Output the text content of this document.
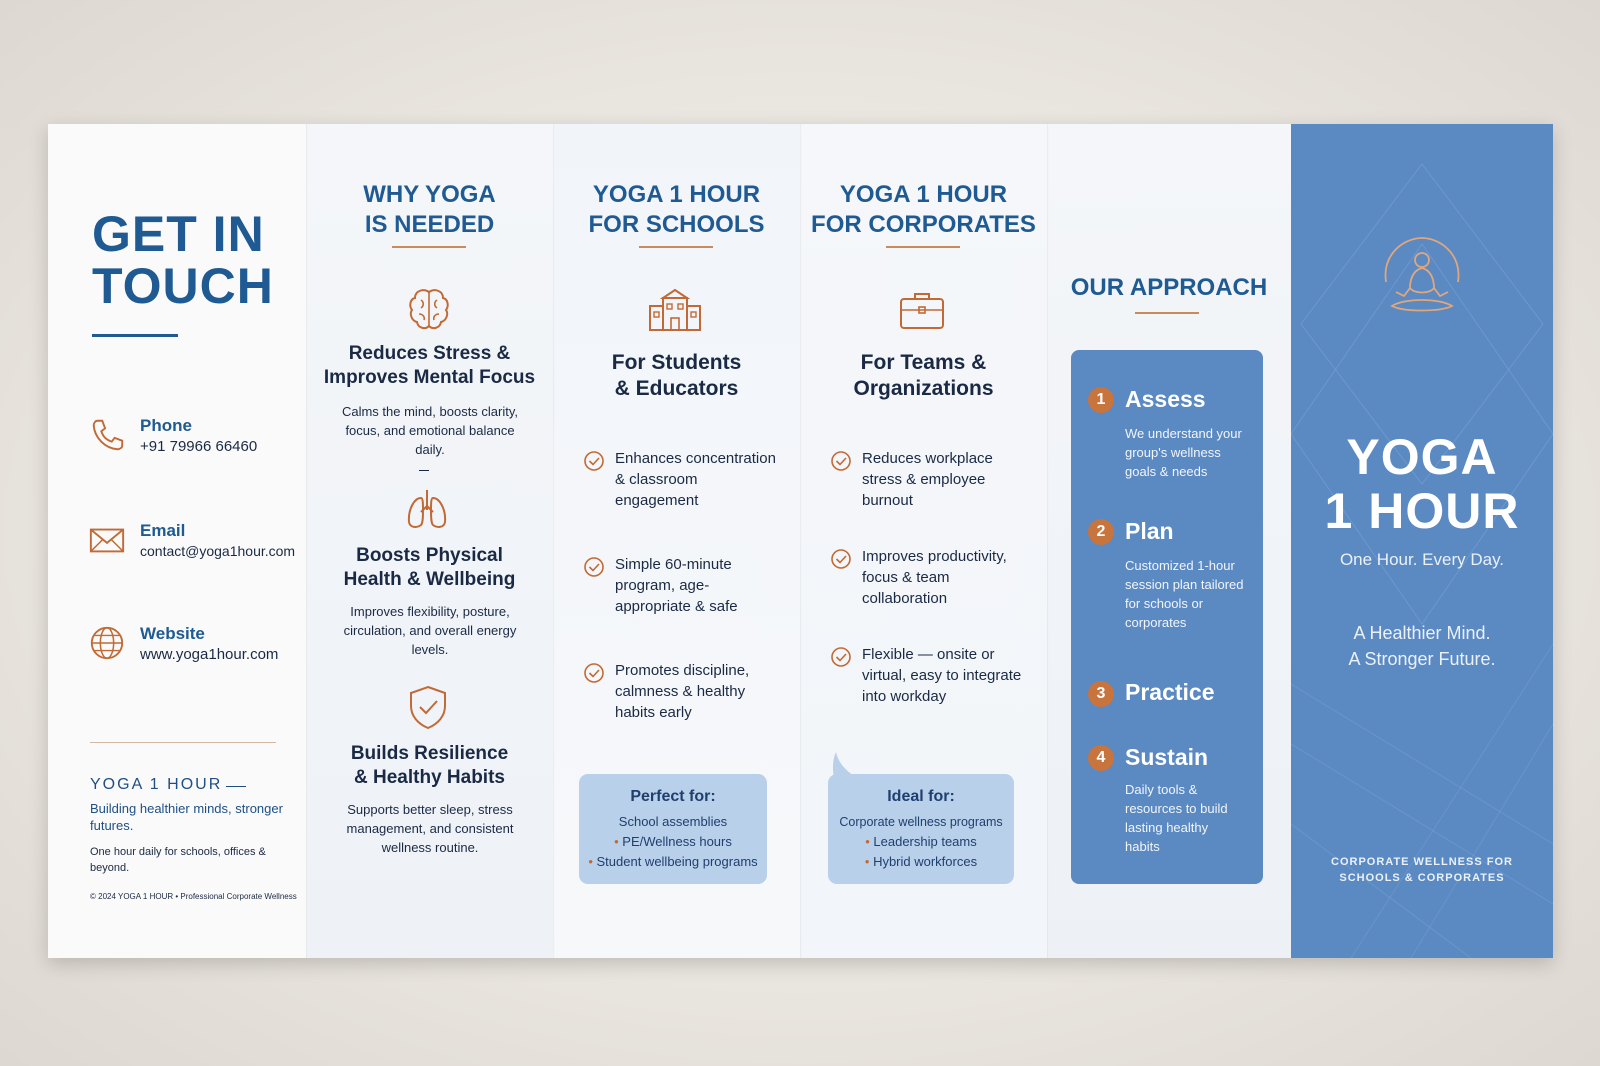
GET IN
TOUCH
Phone
+91 79966 66460
Email
contact@yoga1hour.com
Website
www.yoga1hour.com
YOGA 1 HOUR
Building healthier minds, stronger futures.
One hour daily for schools, offices & beyond.
© 2024 YOGA 1 HOUR • Professional Corporate Wellness
WHY YOGA
IS NEEDED
Reduces Stress &
Improves Mental Focus
Calms the mind, boosts clarity, focus, and emotional balance daily.
Boosts Physical
Health & Wellbeing
Improves flexibility, posture, circulation, and overall energy levels.
Builds Resilience
& Healthy Habits
Supports better sleep, stress management, and consistent wellness routine.
YOGA 1 HOUR
FOR SCHOOLS
For Students
& Educators
Enhances concentration & classroom engagement
Simple 60-minute program, age-appropriate & safe
Promotes discipline, calmness & healthy habits early
Perfect for:
School assemblies
• PE/Wellness hours
• Student wellbeing programs
YOGA 1 HOUR
FOR CORPORATES
For Teams &
Organizations
Reduces workplace stress & employee burnout
Improves productivity, focus & team collaboration
Flexible — onsite or virtual, easy to integrate into workday
Ideal for:
Corporate wellness programs
• Leadership teams
• Hybrid workforces
OUR APPROACH
1 Assess
We understand your group's wellness goals & needs
2 Plan
Customized 1-hour session plan tailored for schools or corporates
3 Practice
4 Sustain
Daily tools & resources to build lasting healthy habits
YOGA
1 HOUR
One Hour. Every Day.
A Healthier Mind.
A Stronger Future.
CORPORATE WELLNESS FOR
SCHOOLS & CORPORATES
